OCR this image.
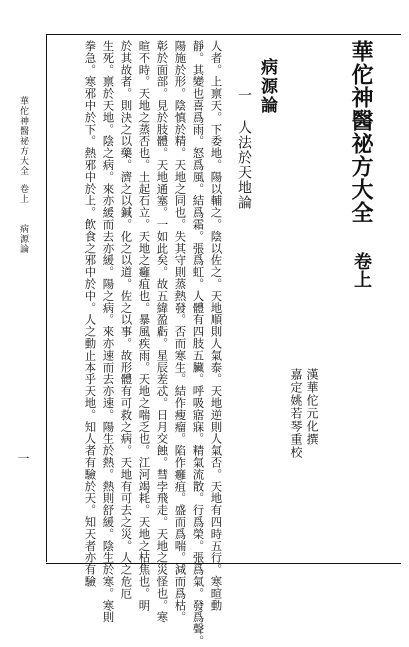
華佗神醫祕方大全
卷上
漢華佗元化撰
嘉定姚若琴重校
病源論
一
人法於天地論
人者。上禀天。下委地。陽以輔之。陰以佐之。天地順則人氣泰。天地逆則人氣否。天地有四時五行。寒暄動
靜。其變也喜爲雨。怒爲風。結爲霜。張爲虹。人體有四肢五臟。呼吸寤寐。精氣流散。行爲榮。張爲氣。發爲聲。
陽施於形。陰慎於精。天地之同也。失其守則蒸熱發。否而寒生。結作瘦瘤。陷作癰疽。盛而爲喘。減而爲枯。
彰於面部。見於肢體。天地通塞。一如此矣。故五緯盈虧。星辰差忒。日月交蝕。彗孛飛走。天地之災怪也。寒
暄不時。天地之蒸否也。土起石立。天地之癰疽也。暴風疾雨。天地之喘乏也。江河竭耗。天地之枯焦也。明
於其故者。則決之以藥。濟之以鍼。化之以道。佐之以事。故形體有可救之病。天地有可去之災。人之危厄
生死。禀於天地。陰之病。來亦緩而去亦緩。陽之病。來亦速而去亦速。陽生於熱。熱則舒緩。陰生於寒。寒則
拳急。寒邪中於下。熱邪中於上。飲食之邪中於中。人之動止本乎天地。知人者有驗於天。知天者亦有驗
華佗神醫祕方大全
卷上
病源論
一
